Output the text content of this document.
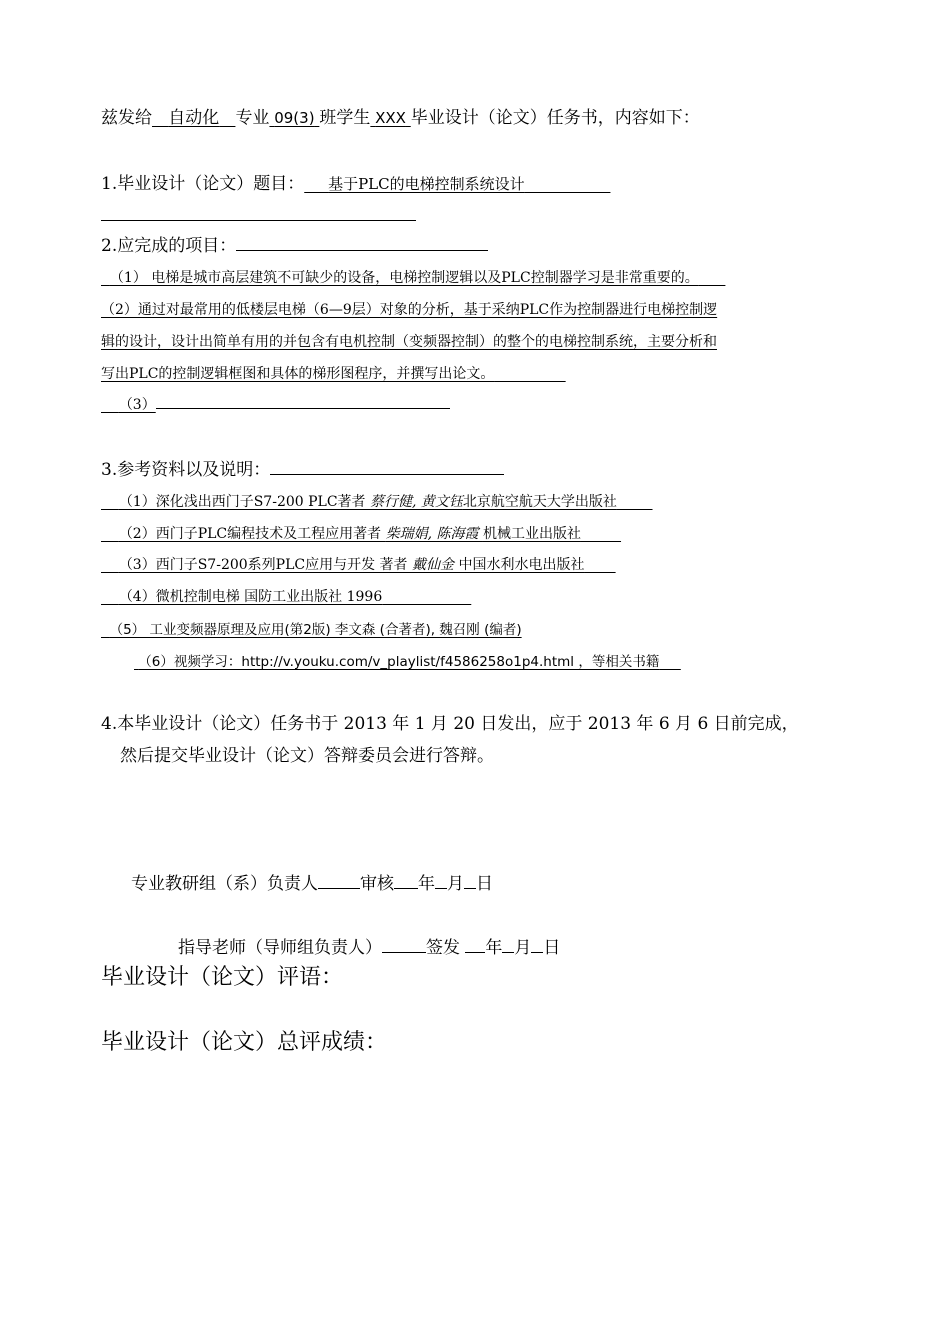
兹发给 自动化 专业 09(3) 班学生 XXX 毕业设计（论文）任务书，内容如下：
1.毕业设计（论文）题目： 基于PLC的电梯控制系统设计
2.应完成的项目：
（1） 电梯是城市高层建筑不可缺少的设备，电梯控制逻辑以及PLC控制器学习是非常重要的。
（2）通过对最常用的低楼层电梯（6—9层）对象的分析，基于采纳PLC作为控制器进行电梯控制逻
辑的设计，设计出简单有用的并包含有电机控制（变频器控制）的整个的电梯控制系统，主要分析和
写出PLC的控制逻辑框图和具体的梯形图程序，并撰写出论文。
（3）
3.参考资料以及说明：
（1）深化浅出西门子S7-200 PLC著者 蔡行健, 黄文钰北京航空航天大学出版社
（2）西门子PLC编程技术及工程应用著者 柴瑞娟, 陈海霞 机械工业出版社
（3）西门子S7-200系列PLC应用与开发 著者 戴仙金 中国水利水电出版社
（4）微机控制电梯 国防工业出版社 1996
（5） 工业变频器原理及应用(第2版) 李文森 (合著者), 魏召刚 (编者)
（6）视频学习：http://v.youku.com/v_playlist/f4586258o1p4.html ，等相关书籍
4.本毕业设计（论文）任务书于 2013 年 1 月 20 日发出，应于 2013 年 6 月 6 日前完成，
然后提交毕业设计（论文）答辩委员会进行答辩。
专业教研组（系）负责人 审核 年 月 日
指导老师（导师组负责人）	签发 年 月 日
毕业设计（论文）评语：
毕业设计（论文）总评成绩：
